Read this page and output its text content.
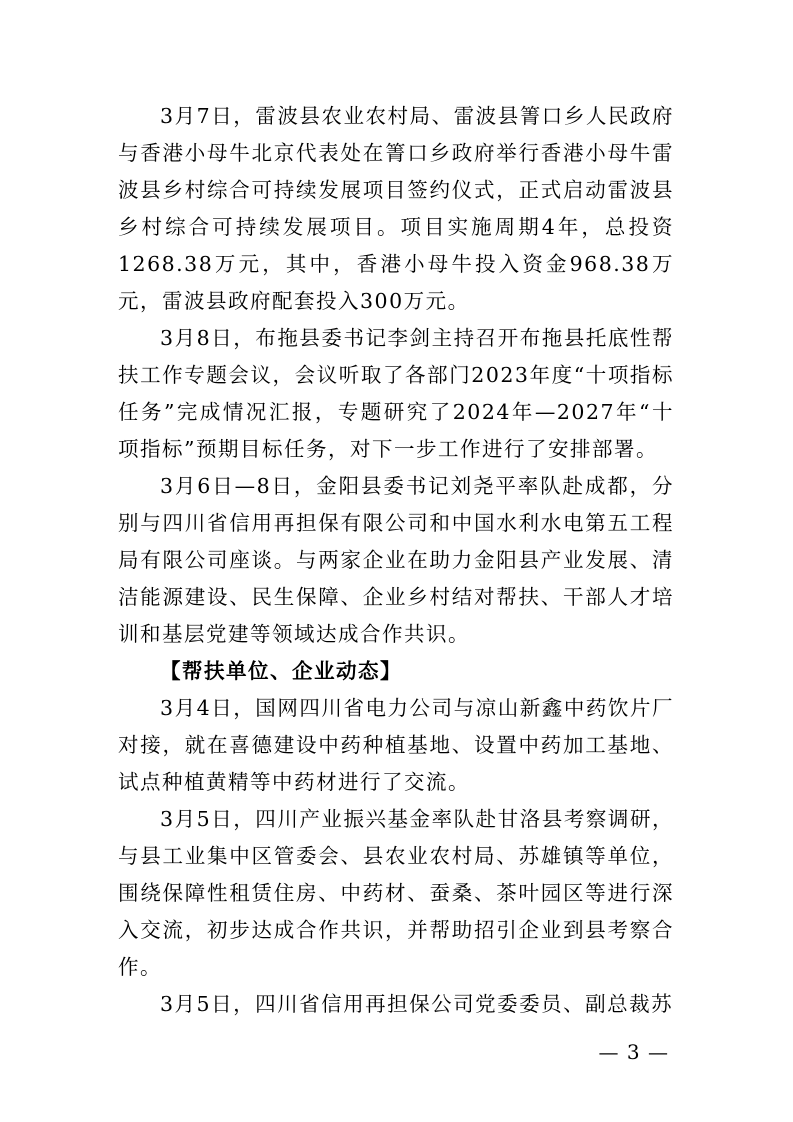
3月7日，雷波县农业农村局、雷波县箐口乡人民政府与香港小母牛北京代表处在箐口乡政府举行香港小母牛雷波县乡村综合可持续发展项目签约仪式，正式启动雷波县乡村综合可持续发展项目。项目实施周期4年，总投资1268.38万元，其中，香港小母牛投入资金968.38万元，雷波县政府配套投入300万元。

3月8日，布拖县委书记李剑主持召开布拖县托底性帮扶工作专题会议，会议听取了各部门2023年度“十项指标任务”完成情况汇报，专题研究了2024年—2027年“十项指标”预期目标任务，对下一步工作进行了安排部署。

3月6日—8日，金阳县委书记刘尧平率队赴成都，分别与四川省信用再担保有限公司和中国水利水电第五工程局有限公司座谈。与两家企业在助力金阳县产业发展、清洁能源建设、民生保障、企业乡村结对帮扶、干部人才培训和基层党建等领域达成合作共识。

【帮扶单位、企业动态】

3月4日，国网四川省电力公司与凉山新鑫中药饮片厂对接，就在喜德建设中药种植基地、设置中药加工基地、试点种植黄精等中药材进行了交流。

3月5日，四川产业振兴基金率队赴甘洛县考察调研，与县工业集中区管委会、县农业农村局、苏雄镇等单位，围绕保障性租赁住房、中药材、蚕桑、茶叶园区等进行深入交流，初步达成合作共识，并帮助招引企业到县考察合作。

3月5日，四川省信用再担保公司党委委员、副总裁苏

— 3 —
